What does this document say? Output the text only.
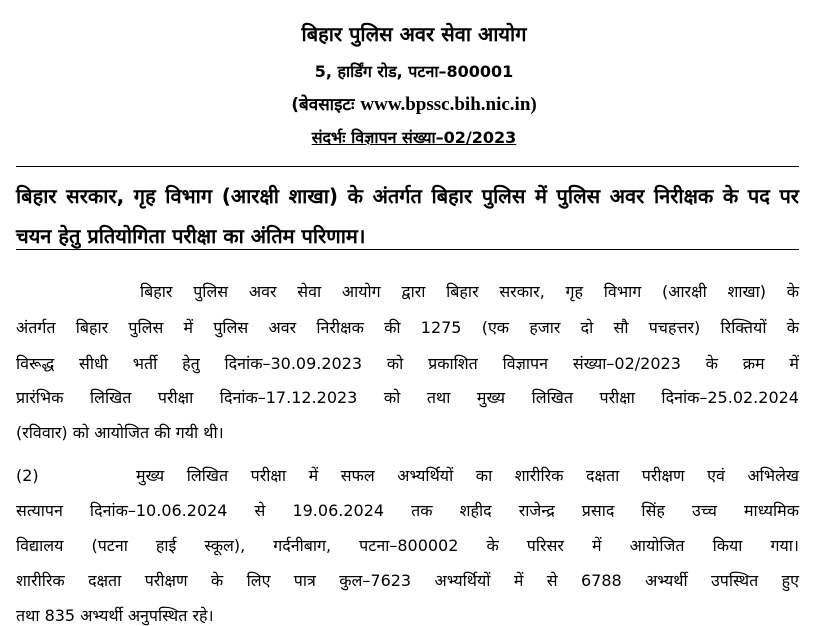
बिहार पुलिस अवर सेवा आयोग
5, हार्डिंग रोड, पटना–800001
(बेवसाइटः www.bpssc.bih.nic.in)
संदर्भः विज्ञापन संख्या–02/2023
बिहार सरकार, गृह विभाग (आरक्षी शाखा) के अंतर्गत बिहार पुलिस में पुलिस अवर निरीक्षक के पद पर चयन हेतु प्रतियोगिता परीक्षा का अंतिम परिणाम।
बिहार पुलिस अवर सेवा आयोग द्वारा बिहार सरकार, गृह विभाग (आरक्षी शाखा) के
अंतर्गत बिहार पुलिस में पुलिस अवर निरीक्षक की 1275 (एक हजार दो सौ पचहत्तर) रिक्तियों के
विरूद्ध सीधी भर्ती हेतु दिनांक–30.09.2023 को प्रकाशित विज्ञापन संख्या–02/2023 के क्रम में
प्रारंभिक लिखित परीक्षा दिनांक–17.12.2023 को तथा मुख्य लिखित परीक्षा दिनांक–25.02.2024
(रविवार) को आयोजित की गयी थी।
(2)	मुख्य लिखित परीक्षा में सफल अभ्यर्थियों का शारीरिक दक्षता परीक्षण एवं अभिलेख
सत्यापन दिनांक–10.06.2024 से 19.06.2024 तक शहीद राजेन्द्र प्रसाद सिंह उच्च माध्यमिक
विद्यालय (पटना हाई स्कूल), गर्दनीबाग, पटना–800002 के परिसर में आयोजित किया गया।
शारीरिक दक्षता परीक्षण के लिए पात्र कुल–7623 अभ्यर्थियों में से 6788 अभ्यर्थी उपस्थित हुए
तथा 835 अभ्यर्थी अनुपस्थित रहे।
